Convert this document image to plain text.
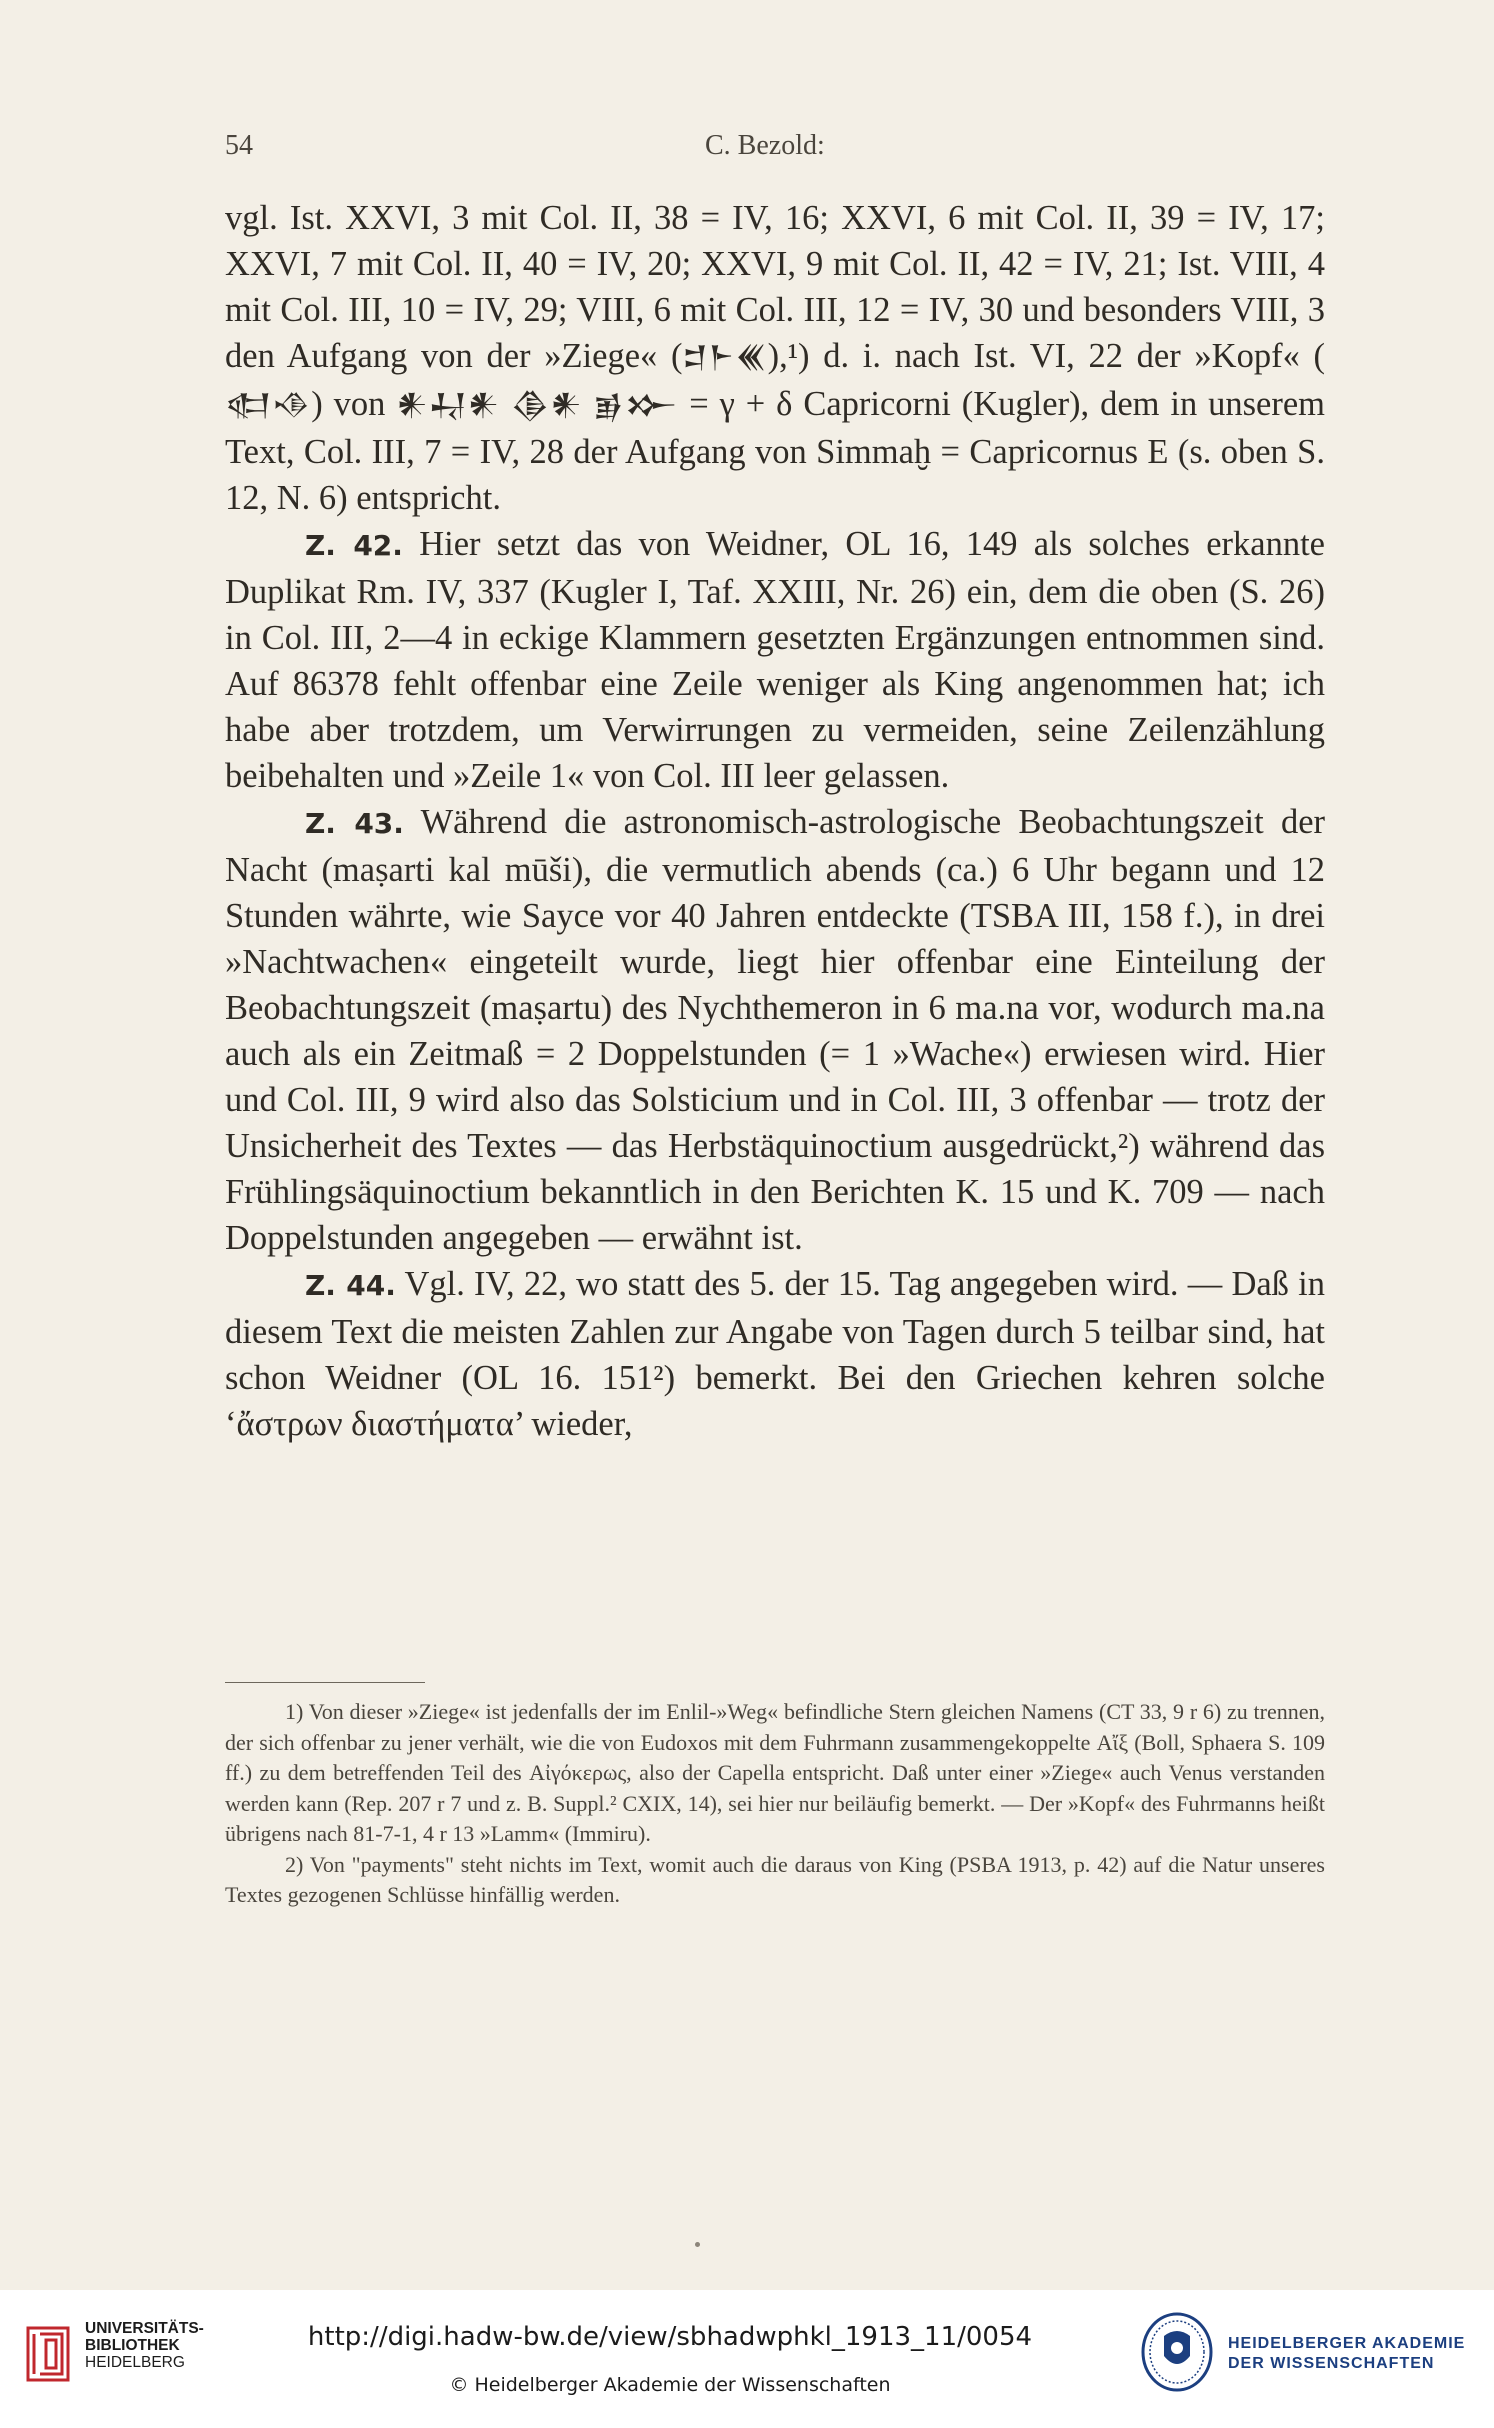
54	C. Bezold:

vgl. Ist. XXVI, 3 mit Col. II, 38 = IV, 16; XXVI, 6 mit Col. II, 39 = IV, 17; XXVI, 7 mit Col. II, 40 = IV, 20; XXVI, 9 mit Col. II, 42 = IV, 21; Ist. VIII, 4 mit Col. III, 10 = IV, 29; VIII, 6 mit Col. III, 12 = IV, 30 und besonders VIII, 3 den Aufgang von der »Ziege« (𒄑𒈨𒌍),¹) d. i. nach Ist. VI, 22 der »Kopf« (𒊕𒈾) von 𒀭𒄷𒀭 𒆠𒀭 𒂊𒁍 = γ + δ Capricorni (Kugler), dem in unserem Text, Col. III, 7 = IV, 28 der Aufgang von Simmaḫ = Capricornus E (s. oben S. 12, N. 6) entspricht.

Z. 42. Hier setzt das von Weidner, OL 16, 149 als solches erkannte Duplikat Rm. IV, 337 (Kugler I, Taf. XXIII, Nr. 26) ein, dem die oben (S. 26) in Col. III, 2—4 in eckige Klammern gesetzten Ergänzungen entnommen sind. Auf 86378 fehlt offenbar eine Zeile weniger als King angenommen hat; ich habe aber trotzdem, um Verwirrungen zu vermeiden, seine Zeilenzählung beibehalten und »Zeile 1« von Col. III leer gelassen.

Z. 43. Während die astronomisch-astrologische Beobachtungszeit der Nacht (maṣarti kal mūši), die vermutlich abends (ca.) 6 Uhr begann und 12 Stunden währte, wie Sayce vor 40 Jahren entdeckte (TSBA III, 158 f.), in drei »Nachtwachen« eingeteilt wurde, liegt hier offenbar eine Einteilung der Beobachtungszeit (maṣartu) des Nychthemeron in 6 ma.na vor, wodurch ma.na auch als ein Zeitmaß = 2 Doppelstunden (= 1 »Wache«) erwiesen wird. Hier und Col. III, 9 wird also das Solsticium und in Col. III, 3 offenbar — trotz der Unsicherheit des Textes — das Herbstäquinoctium ausgedrückt,²) während das Frühlingsäquinoctium bekanntlich in den Berichten K. 15 und K. 709 — nach Doppelstunden angegeben — erwähnt ist.

Z. 44. Vgl. IV, 22, wo statt des 5. der 15. Tag angegeben wird. — Daß in diesem Text die meisten Zahlen zur Angabe von Tagen durch 5 teilbar sind, hat schon Weidner (OL 16. 151²) bemerkt. Bei den Griechen kehren solche ‘ἄστρων διαστήματα’ wieder,

1) Von dieser »Ziege« ist jedenfalls der im Enlil-»Weg« befindliche Stern gleichen Namens (CT 33, 9 r 6) zu trennen, der sich offenbar zu jener verhält, wie die von Eudoxos mit dem Fuhrmann zusammengekoppelte Αἴξ (Boll, Sphaera S. 109 ff.) zu dem betreffenden Teil des Αἰγόκερως, also der Capella entspricht. Daß unter einer »Ziege« auch Venus verstanden werden kann (Rep. 207 r 7 und z. B. Suppl.² CXIX, 14), sei hier nur beiläufig bemerkt. — Der »Kopf« des Fuhrmanns heißt übrigens nach 81-7-1, 4 r 13 »Lamm« (Immiru).

2) Von "payments" steht nichts im Text, womit auch die daraus von King (PSBA 1913, p. 42) auf die Natur unseres Textes gezogenen Schlüsse hinfällig werden.

UNIVERSITÄTS-
BIBLIOTHEK
HEIDELBERG
http://digi.hadw-bw.de/view/sbhadwphkl_1913_11/0054
© Heidelberger Akademie der Wissenschaften
HEIDELBERGER AKADEMIE
DER WISSENSCHAFTEN
